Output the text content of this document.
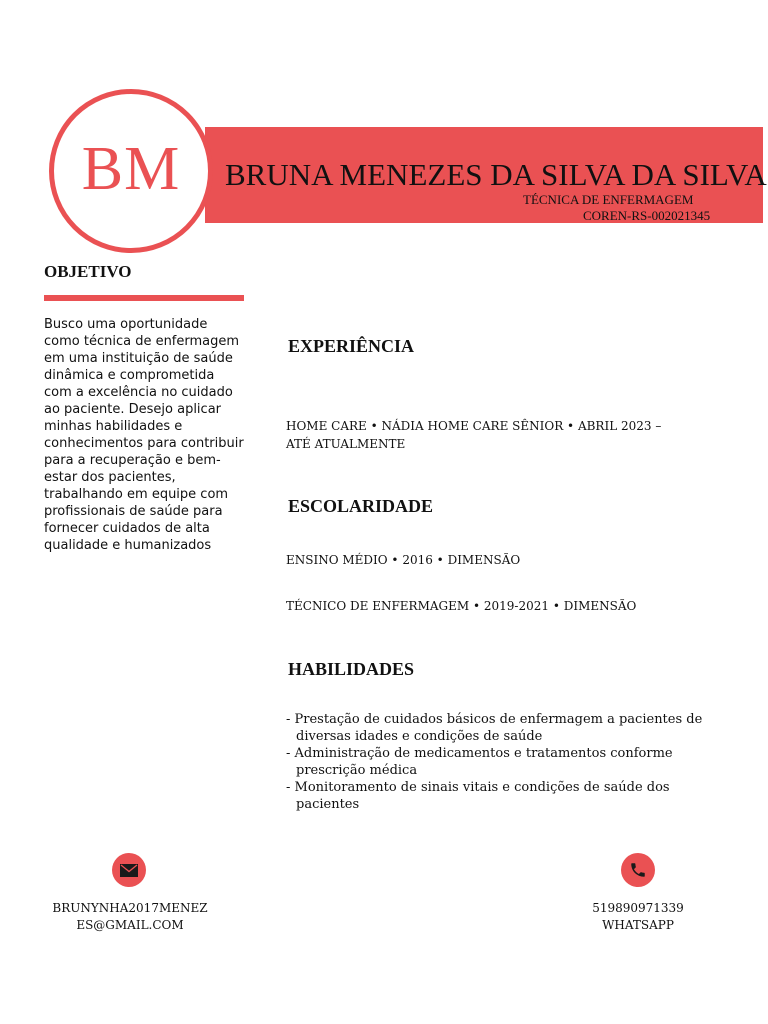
BM	BRUNA MENEZES DA SILVA DA SILVA
TÉCNICA DE ENFERMAGEM
COREN-RS-002021345
OBJETIVO
Busco uma oportunidade como técnica de enfermagem em uma instituição de saúde dinâmica e comprometida com a excelência no cuidado ao paciente. Desejo aplicar minhas habilidades e conhecimentos para contribuir para a recuperação e bem-estar dos pacientes, trabalhando em equipe com profissionais de saúde para fornecer cuidados de alta qualidade e humanizados
EXPERIÊNCIA
HOME CARE • NÁDIA HOME CARE SÊNIOR • ABRIL 2023 – ATÉ ATUALMENTE
ESCOLARIDADE
ENSINO MÉDIO • 2016 • DIMENSÃO
TÉCNICO DE ENFERMAGEM • 2019-2021 • DIMENSÃO
HABILIDADES
- Prestação de cuidados básicos de enfermagem a pacientes de diversas idades e condições de saúde
- Administração de medicamentos e tratamentos conforme prescrição médica
- Monitoramento de sinais vitais e condições de saúde dos pacientes
BRUNYNHA2017MENEZ
ES@GMAIL.COM
519890971339
WHATSAPP
